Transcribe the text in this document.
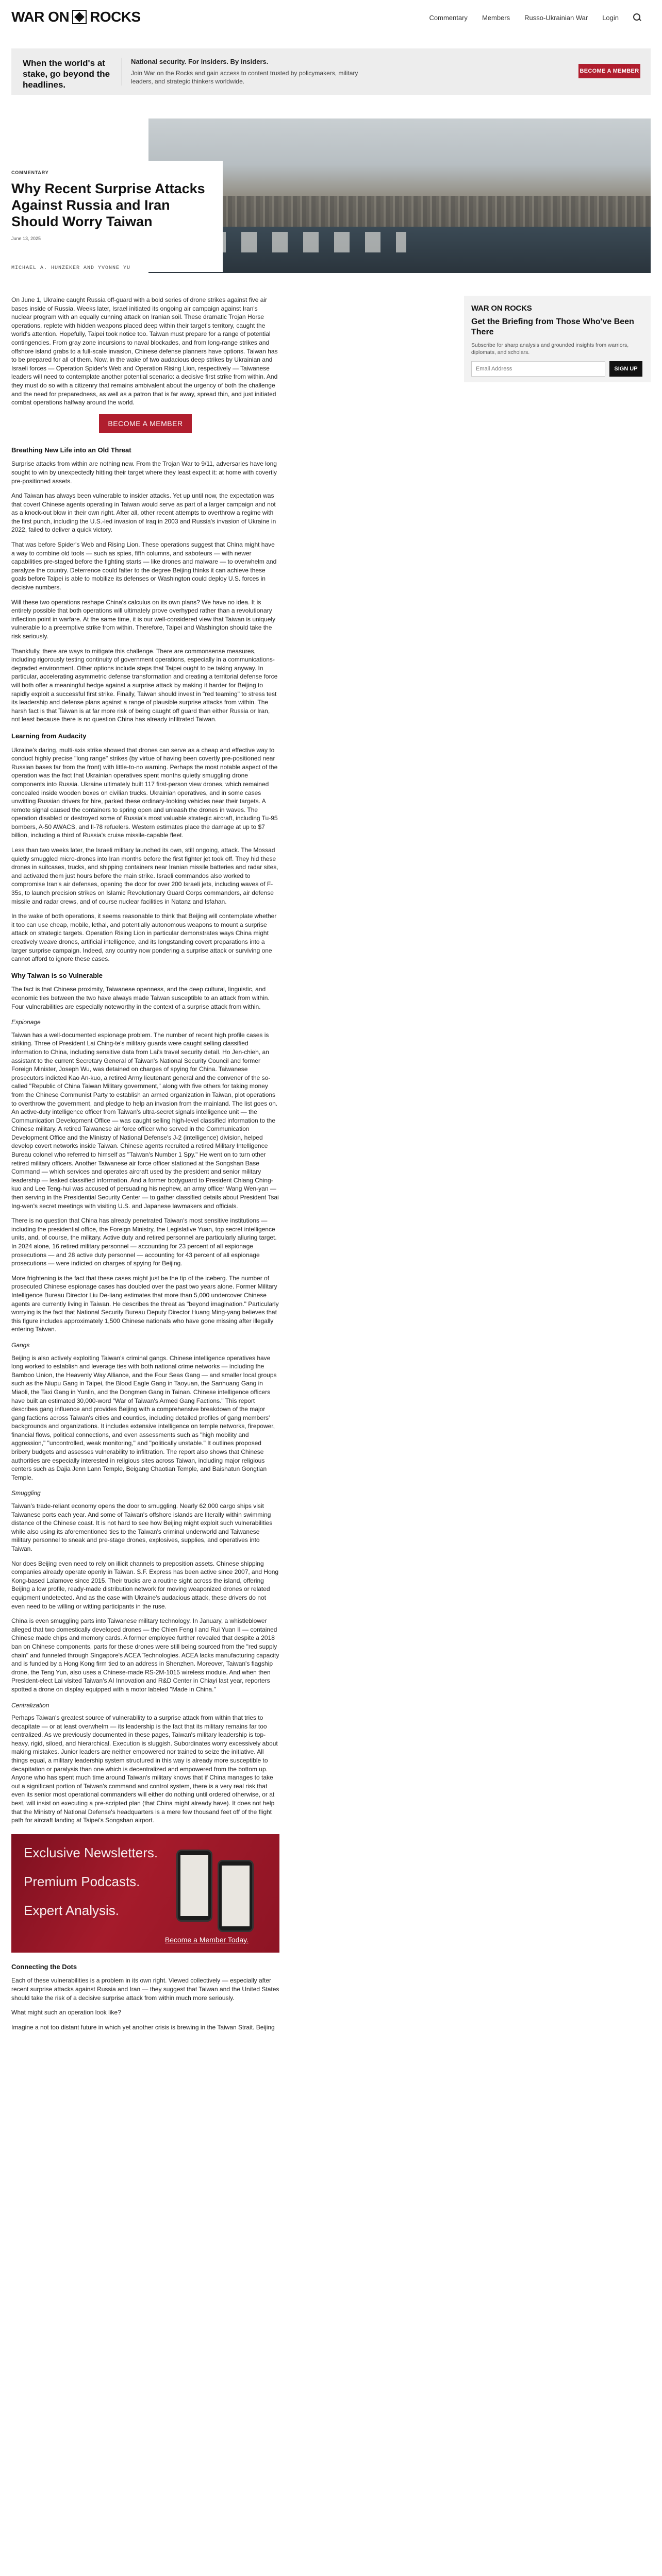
WAR ON ROCKS	Commentary Members Russo-Ukrainian War Login
When the world's at stake, go beyond the headlines.
National security. For insiders. By insiders.
Join War on the Rocks and gain access to content trusted by policymakers, military leaders, and strategic thinkers worldwide.
BECOME A MEMBER
COMMENTARY
Why Recent Surprise Attacks Against Russia and Iran Should Worry Taiwan
June 13, 2025
MICHAEL A. HUNZEKER AND YVONNE YU
WAR ON ROCKS
Get the Briefing from Those Who've Been There
Subscribe for sharp analysis and grounded insights from warriors, diplomats, and scholars.
Email Address
SIGN UP

On June 1, Ukraine caught Russia off-guard with a bold series of drone strikes against five air bases inside of Russia. Weeks later, Israel initiated its ongoing air campaign against Iran's nuclear program with an equally cunning attack on Iranian soil. These dramatic Trojan Horse operations, replete with hidden weapons placed deep within their target's territory, caught the world's attention. Hopefully, Taipei took notice too. Taiwan must prepare for a range of potential contingencies. From gray zone incursions to naval blockades, and from long-range strikes and offshore island grabs to a full-scale invasion, Chinese defense planners have options. Taiwan has to be prepared for all of them. Now, in the wake of two audacious deep strikes by Ukrainian and Israeli forces — Operation Spider's Web and Operation Rising Lion, respectively — Taiwanese leaders will need to contemplate another potential scenario: a decisive first strike from within. And they must do so with a citizenry that remains ambivalent about the urgency of both the challenge and the need for preparedness, as well as a patron that is far away, spread thin, and just initiated combat operations halfway around the world.

BECOME A MEMBER
Breathing New Life into an Old Threat

Surprise attacks from within are nothing new. From the Trojan War to 9/11, adversaries have long sought to win by unexpectedly hitting their target where they least expect it: at home with covertly pre-positioned assets.

And Taiwan has always been vulnerable to insider attacks. Yet up until now, the expectation was that covert Chinese agents operating in Taiwan would serve as part of a larger campaign and not as a knock-out blow in their own right. After all, other recent attempts to overthrow a regime with the first punch, including the U.S.-led invasion of Iraq in 2003 and Russia's invasion of Ukraine in 2022, failed to deliver a quick victory.

That was before Spider's Web and Rising Lion. These operations suggest that China might have a way to combine old tools — such as spies, fifth columns, and saboteurs — with newer capabilities pre-staged before the fighting starts — like drones and malware — to overwhelm and paralyze the country. Deterrence could falter to the degree Beijing thinks it can achieve these goals before Taipei is able to mobilize its defenses or Washington could deploy U.S. forces in decisive numbers.

Will these two operations reshape China's calculus on its own plans? We have no idea. It is entirely possible that both operations will ultimately prove overhyped rather than a revolutionary inflection point in warfare. At the same time, it is our well-considered view that Taiwan is uniquely vulnerable to a preemptive strike from within. Therefore, Taipei and Washington should take the risk seriously.

Thankfully, there are ways to mitigate this challenge. There are commonsense measures, including rigorously testing continuity of government operations, especially in a communications-degraded environment. Other options include steps that Taipei ought to be taking anyway. In particular, accelerating asymmetric defense transformation and creating a territorial defense force will both offer a meaningful hedge against a surprise attack by making it harder for Beijing to rapidly exploit a successful first strike. Finally, Taiwan should invest in "red teaming" to stress test its leadership and defense plans against a range of plausible surprise attacks from within. The harsh fact is that Taiwan is at far more risk of being caught off guard than either Russia or Iran, not least because there is no question China has already infiltrated Taiwan.

Learning from Audacity

Ukraine's daring, multi-axis strike showed that drones can serve as a cheap and effective way to conduct highly precise "long range" strikes (by virtue of having been covertly pre-positioned near Russian bases far from the front) with little-to-no warning. Perhaps the most notable aspect of the operation was the fact that Ukrainian operatives spent months quietly smuggling drone components into Russia. Ukraine ultimately built 117 first-person view drones, which remained concealed inside wooden boxes on civilian trucks. Ukrainian operatives, and in some cases unwitting Russian drivers for hire, parked these ordinary-looking vehicles near their targets. A remote signal caused the containers to spring open and unleash the drones in waves. The operation disabled or destroyed some of Russia's most valuable strategic aircraft, including Tu-95 bombers, A-50 AWACS, and Il-78 refuelers. Western estimates place the damage at up to $7 billion, including a third of Russia's cruise missile-capable fleet.

Less than two weeks later, the Israeli military launched its own, still ongoing, attack. The Mossad quietly smuggled micro-drones into Iran months before the first fighter jet took off. They hid these drones in suitcases, trucks, and shipping containers near Iranian missile batteries and radar sites, and activated them just hours before the main strike. Israeli commandos also worked to compromise Iran's air defenses, opening the door for over 200 Israeli jets, including waves of F-35s, to launch precision strikes on Islamic Revolutionary Guard Corps commanders, air defense missile and radar crews, and of course nuclear facilities in Natanz and Isfahan.

In the wake of both operations, it seems reasonable to think that Beijing will contemplate whether it too can use cheap, mobile, lethal, and potentially autonomous weapons to mount a surprise attack on strategic targets. Operation Rising Lion in particular demonstrates ways China might creatively weave drones, artificial intelligence, and its longstanding covert preparations into a larger surprise campaign. Indeed, any country now pondering a surprise attack or surviving one cannot afford to ignore these cases.

Why Taiwan is so Vulnerable

The fact is that Chinese proximity, Taiwanese openness, and the deep cultural, linguistic, and economic ties between the two have always made Taiwan susceptible to an attack from within. Four vulnerabilities are especially noteworthy in the context of a surprise attack from within.

Espionage

Taiwan has a well-documented espionage problem. The number of recent high profile cases is striking. Three of President Lai Ching-te's military guards were caught selling classified information to China, including sensitive data from Lai's travel security detail. Ho Jen-chieh, an assistant to the current Secretary General of Taiwan's National Security Council and former Foreign Minister, Joseph Wu, was detained on charges of spying for China. Taiwanese prosecutors indicted Kao An-kuo, a retired Army lieutenant general and the convener of the so-called "Republic of China Taiwan Military government," along with five others for taking money from the Chinese Communist Party to establish an armed organization in Taiwan, plot operations to overthrow the government, and pledge to help an invasion from the mainland. The list goes on. An active-duty intelligence officer from Taiwan's ultra-secret signals intelligence unit — the Communication Development Office — was caught selling high-level classified information to the Chinese military. A retired Taiwanese air force officer who served in the Communication Development Office and the Ministry of National Defense's J-2 (intelligence) division, helped develop covert networks inside Taiwan. Chinese agents recruited a retired Military Intelligence Bureau colonel who referred to himself as "Taiwan's Number 1 Spy." He went on to turn other retired military officers. Another Taiwanese air force officer stationed at the Songshan Base Command — which services and operates aircraft used by the president and senior military leadership — leaked classified information. And a former bodyguard to President Chiang Ching-kuo and Lee Teng-hui was accused of persuading his nephew, an army officer Wang Wen-yan — then serving in the Presidential Security Center — to gather classified details about President Tsai Ing-wen's secret meetings with visiting U.S. and Japanese lawmakers and officials.

There is no question that China has already penetrated Taiwan's most sensitive institutions — including the presidential office, the Foreign Ministry, the Legislative Yuan, top secret intelligence units, and, of course, the military. Active duty and retired personnel are particularly alluring target. In 2024 alone, 16 retired military personnel — accounting for 23 percent of all espionage prosecutions — and 28 active duty personnel — accounting for 43 percent of all espionage prosecutions — were indicted on charges of spying for Beijing.

More frightening is the fact that these cases might just be the tip of the iceberg. The number of prosecuted Chinese espionage cases has doubled over the past two years alone. Former Military Intelligence Bureau Director Liu De-liang estimates that more than 5,000 undercover Chinese agents are currently living in Taiwan. He describes the threat as "beyond imagination." Particularly worrying is the fact that National Security Bureau Deputy Director Huang Ming-yang believes that this figure includes approximately 1,500 Chinese nationals who have gone missing after illegally entering Taiwan.

Gangs

Beijing is also actively exploiting Taiwan's criminal gangs. Chinese intelligence operatives have long worked to establish and leverage ties with both national crime networks — including the Bamboo Union, the Heavenly Way Alliance, and the Four Seas Gang — and smaller local groups such as the Niupu Gang in Taipei, the Blood Eagle Gang in Taoyuan, the Sanhuang Gang in Miaoli, the Taxi Gang in Yunlin, and the Dongmen Gang in Tainan. Chinese intelligence officers have built an estimated 30,000-word "War of Taiwan's Armed Gang Factions." This report describes gang influence and provides Beijing with a comprehensive breakdown of the major gang factions across Taiwan's cities and counties, including detailed profiles of gang members' backgrounds and organizations. It includes extensive intelligence on temple networks, firepower, financial flows, political connections, and even assessments such as "high mobility and aggression," "uncontrolled, weak monitoring," and "politically unstable." It outlines proposed bribery budgets and assesses vulnerability to infiltration. The report also shows that Chinese authorities are especially interested in religious sites across Taiwan, including major religious centers such as Dajia Jenn Lann Temple, Beigang Chaotian Temple, and Baishatun Gongtian Temple.

Smuggling

Taiwan's trade-reliant economy opens the door to smuggling. Nearly 62,000 cargo ships visit Taiwanese ports each year. And some of Taiwan's offshore islands are literally within swimming distance of the Chinese coast. It is not hard to see how Beijing might exploit such vulnerabilities while also using its aforementioned ties to the Taiwan's criminal underworld and Taiwanese military personnel to sneak and pre-stage drones, explosives, supplies, and operatives into Taiwan.

Nor does Beijing even need to rely on illicit channels to preposition assets. Chinese shipping companies already operate openly in Taiwan. S.F. Express has been active since 2007, and Hong Kong-based Lalamove since 2015. Their trucks are a routine sight across the island, offering Beijing a low profile, ready-made distribution network for moving weaponized drones or related equipment undetected. And as the case with Ukraine's audacious attack, these drivers do not even need to be willing or witting participants in the ruse.

China is even smuggling parts into Taiwanese military technology. In January, a whistleblower alleged that two domestically developed drones — the Chien Feng I and Rui Yuan II — contained Chinese made chips and memory cards. A former employee further revealed that despite a 2018 ban on Chinese components, parts for these drones were still being sourced from the "red supply chain" and funneled through Singapore's ACEA Technologies. ACEA lacks manufacturing capacity and is funded by a Hong Kong firm tied to an address in Shenzhen. Moreover, Taiwan's flagship drone, the Teng Yun, also uses a Chinese-made RS-2M-1015 wireless module. And when then President-elect Lai visited Taiwan's AI Innovation and R&D Center in Chiayi last year, reporters spotted a drone on display equipped with a motor labeled "Made in China."

Centralization

Perhaps Taiwan's greatest source of vulnerability to a surprise attack from within that tries to decapitate — or at least overwhelm — its leadership is the fact that its military remains far too centralized. As we previously documented in these pages, Taiwan's military leadership is top-heavy, rigid, siloed, and hierarchical. Execution is sluggish. Subordinates worry excessively about making mistakes. Junior leaders are neither empowered nor trained to seize the initiative. All things equal, a military leadership system structured in this way is already more susceptible to decapitation or paralysis than one which is decentralized and empowered from the bottom up. Anyone who has spent much time around Taiwan's military knows that if China manages to take out a significant portion of Taiwan's command and control system, there is a very real risk that even its senior most operational commanders will either do nothing until ordered otherwise, or at best, will insist on executing a pre-scripted plan (that China might already have). It does not help that the Ministry of National Defense's headquarters is a mere few thousand feet off of the flight path for aircraft landing at Taipei's Songshan airport.

Exclusive Newsletters.
Premium Podcasts.
Expert Analysis.
Become a Member Today.
Connecting the Dots

Each of these vulnerabilities is a problem in its own right. Viewed collectively — especially after recent surprise attacks against Russia and Iran — they suggest that Taiwan and the United States should take the risk of a decisive surprise attack from within much more seriously.

What might such an operation look like?

Imagine a not too distant future in which yet another crisis is brewing in the Taiwan Strait. Beijing
